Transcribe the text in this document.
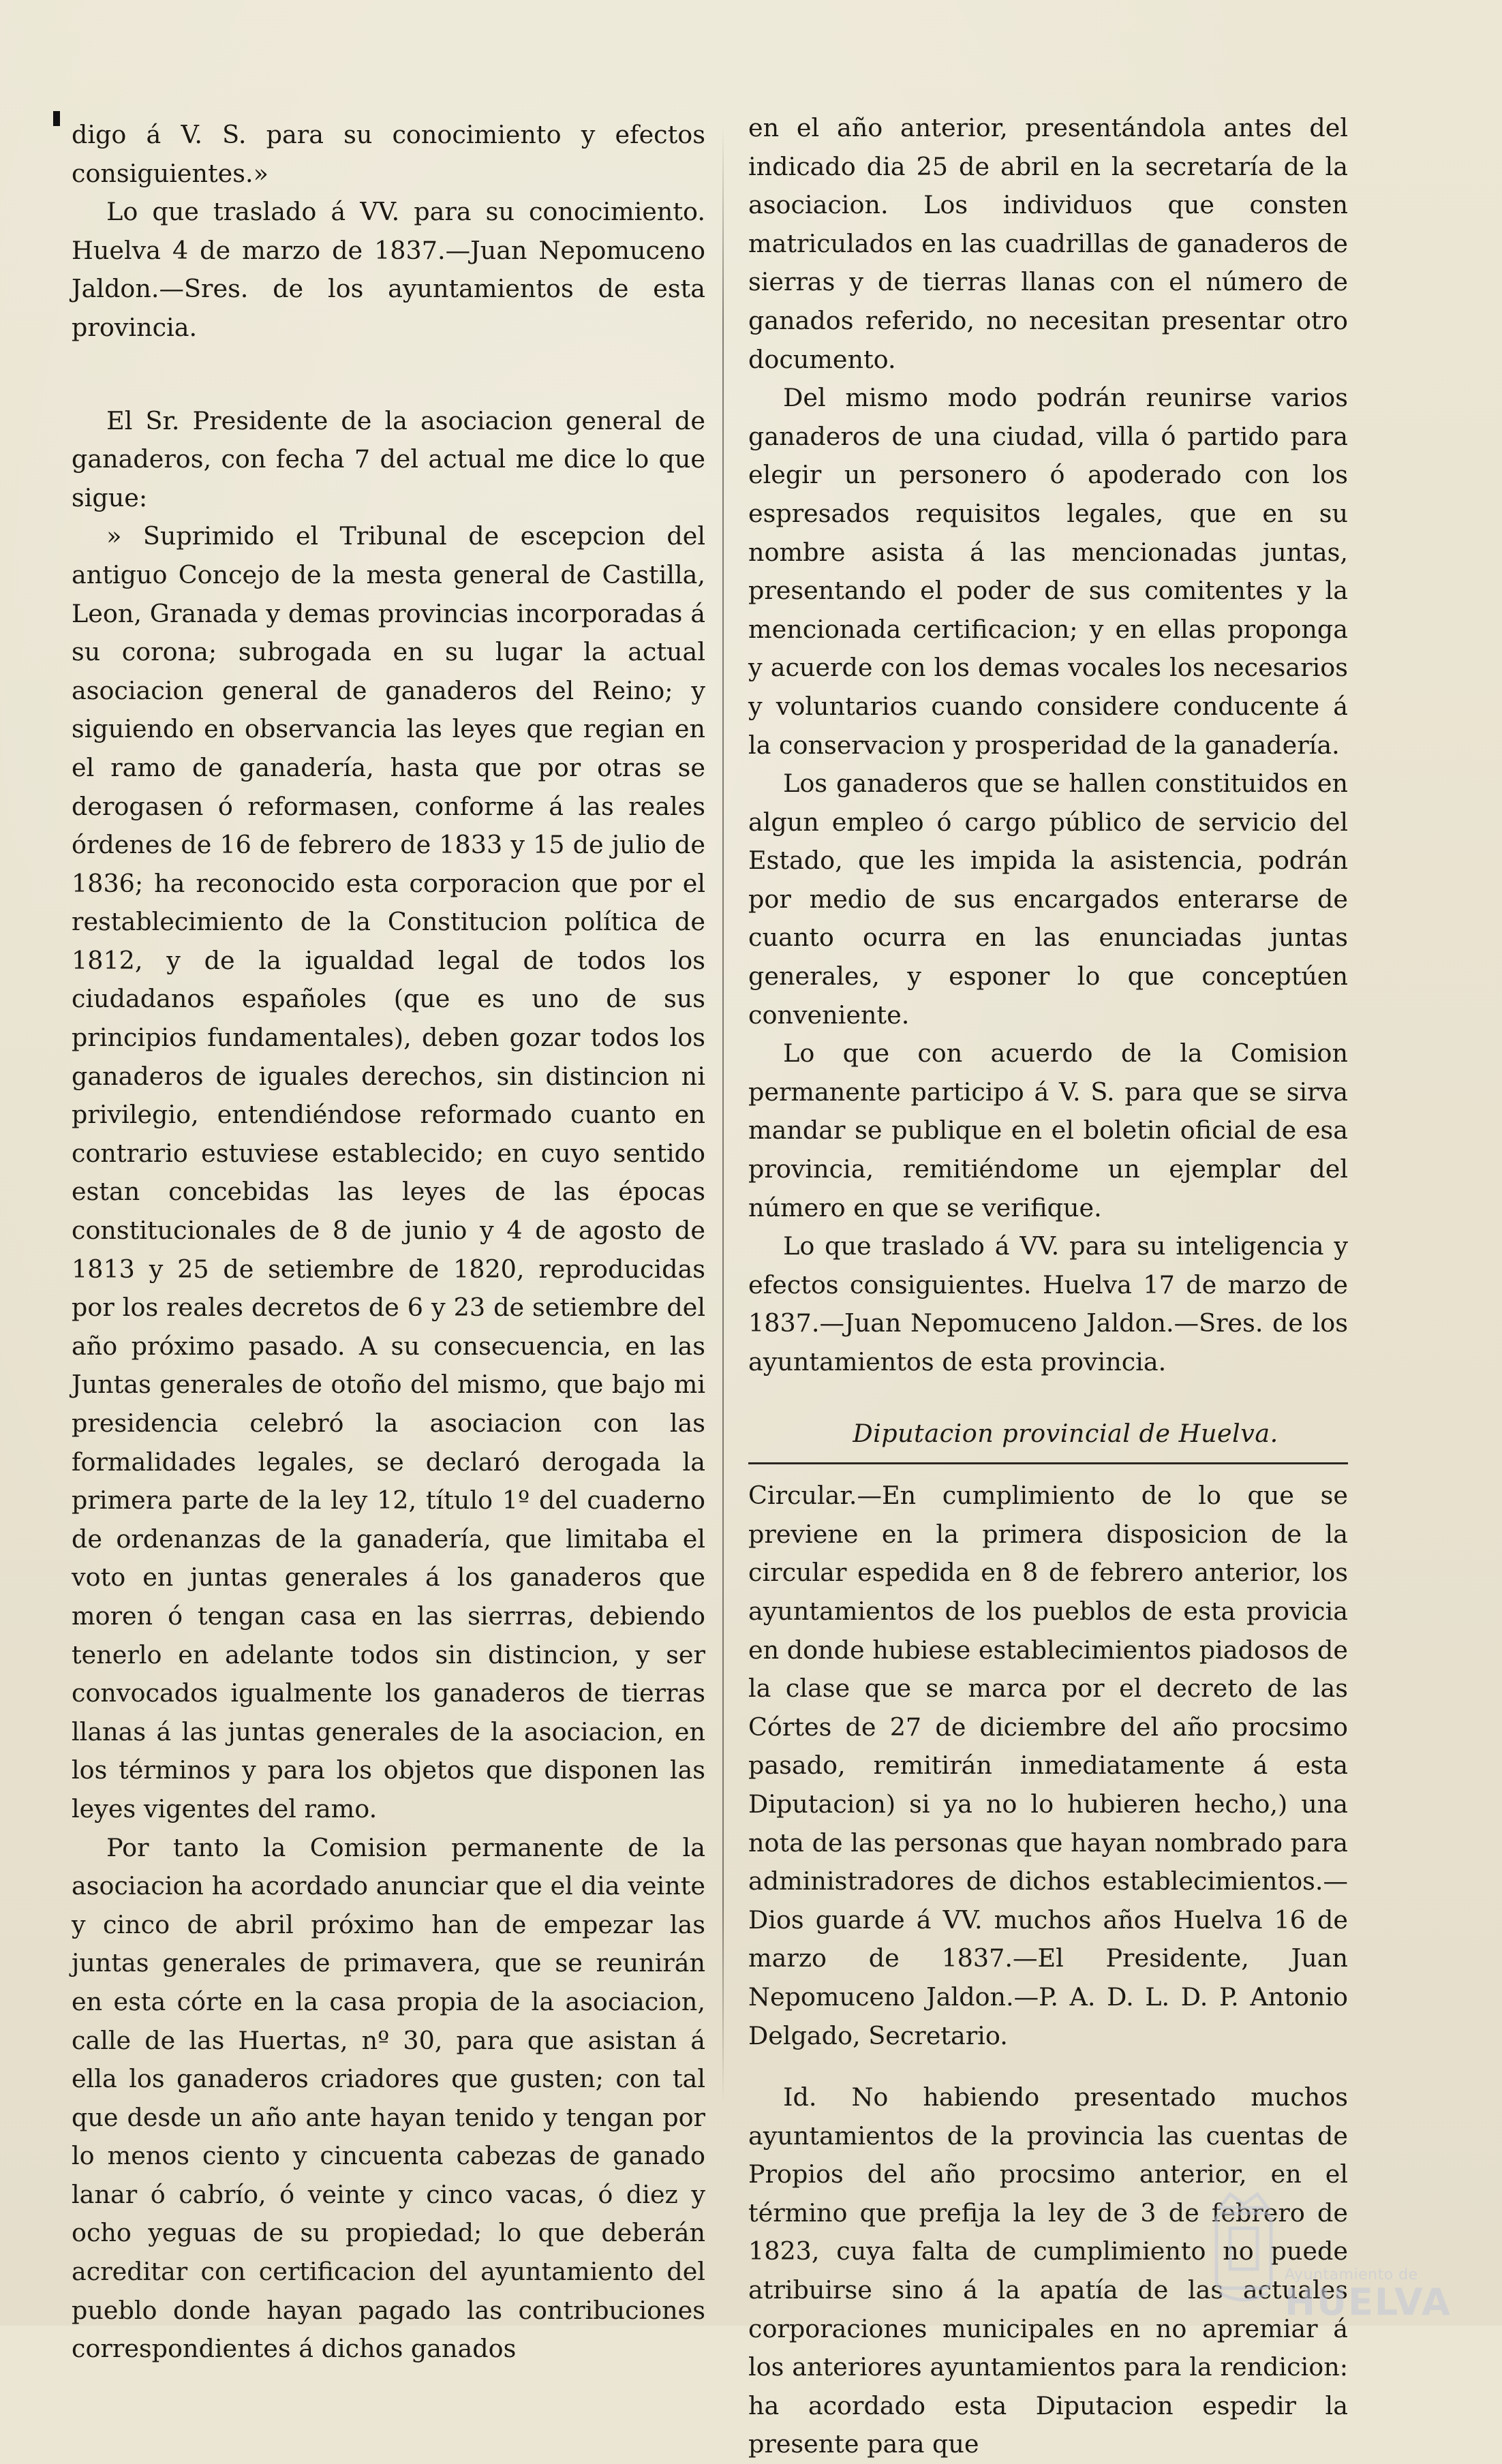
digo á V. S. para su conocimiento y efectos consiguientes.»

Lo que traslado á VV. para su conocimiento. Huelva 4 de marzo de 1837.—Juan Nepomuceno Jaldon.—Sres. de los ayuntamientos de esta provincia.

El Sr. Presidente de la asociacion general de ganaderos, con fecha 7 del actual me dice lo que sigue:

» Suprimido el Tribunal de escepcion del antiguo Concejo de la mesta general de Castilla, Leon, Granada y demas provincias incorporadas á su corona; subrogada en su lugar la actual asociacion general de ganaderos del Reino; y siguiendo en observancia las leyes que regian en el ramo de ganadería, hasta que por otras se derogasen ó reformasen, conforme á las reales órdenes de 16 de febrero de 1833 y 15 de julio de 1836; ha reconocido esta corporacion que por el restablecimiento de la Constitucion política de 1812, y de la igualdad legal de todos los ciudadanos españoles (que es uno de sus principios fundamentales), deben gozar todos los ganaderos de iguales derechos, sin distincion ni privilegio, entendiéndose reformado cuanto en contrario estuviese establecido; en cuyo sentido estan concebidas las leyes de las épocas constitucionales de 8 de junio y 4 de agosto de 1813 y 25 de setiembre de 1820, reproducidas por los reales decretos de 6 y 23 de setiembre del año próximo pasado. A su consecuencia, en las Juntas generales de otoño del mismo, que bajo mi presidencia celebró la asociacion con las formalidades legales, se declaró derogada la primera parte de la ley 12, título 1º del cuaderno de ordenanzas de la ganadería, que limitaba el voto en juntas generales á los ganaderos que moren ó tengan casa en las sierrras, debiendo tenerlo en adelante todos sin distincion, y ser convocados igualmente los ganaderos de tierras llanas á las juntas generales de la asociacion, en los términos y para los objetos que disponen las leyes vigentes del ramo.

Por tanto la Comision permanente de la asociacion ha acordado anunciar que el dia veinte y cinco de abril próximo han de empezar las juntas generales de primavera, que se reunirán en esta córte en la casa propia de la asociacion, calle de las Huertas, nº 30, para que asistan á ella los ganaderos criadores que gusten; con tal que desde un año ante hayan tenido y tengan por lo menos ciento y cincuenta cabezas de ganado lanar ó cabrío, ó veinte y cinco vacas, ó diez y ocho yeguas de su propiedad; lo que deberán acreditar con certificacion del ayuntamiento del pueblo donde hayan pagado las contribuciones correspondientes á dichos ganados

en el año anterior, presentándola antes del indicado dia 25 de abril en la secretaría de la asociacion. Los individuos que consten matriculados en las cuadrillas de ganaderos de sierras y de tierras llanas con el número de ganados referido, no necesitan presentar otro documento.

Del mismo modo podrán reunirse varios ganaderos de una ciudad, villa ó partido para elegir un personero ó apoderado con los espresados requisitos legales, que en su nombre asista á las mencionadas juntas, presentando el poder de sus comitentes y la mencionada certificacion; y en ellas proponga y acuerde con los demas vocales los necesarios y voluntarios cuando considere conducente á la conservacion y prosperidad de la ganadería.

Los ganaderos que se hallen constituidos en algun empleo ó cargo público de servicio del Estado, que les impida la asistencia, podrán por medio de sus encargados enterarse de cuanto ocurra en las enunciadas juntas generales, y esponer lo que conceptúen conveniente.

Lo que con acuerdo de la Comision permanente participo á V. S. para que se sirva mandar se publique en el boletin oficial de esa provincia, remitiéndome un ejemplar del número en que se verifique.

Lo que traslado á VV. para su inteligencia y efectos consiguientes. Huelva 17 de marzo de 1837.—Juan Nepomuceno Jaldon.—Sres. de los ayuntamientos de esta provincia.

Diputacion provincial de Huelva.

Circular.—En cumplimiento de lo que se previene en la primera disposicion de la circular espedida en 8 de febrero anterior, los ayuntamientos de los pueblos de esta provicia en donde hubiese establecimientos piadosos de la clase que se marca por el decreto de las Córtes de 27 de diciembre del año procsimo pasado, remitirán inmediatamente á esta Diputacion) si ya no lo hubieren hecho,) una nota de las personas que hayan nombrado para administradores de dichos establecimientos.—Dios guarde á VV. muchos años Huelva 16 de marzo de 1837.—El Presidente, Juan Nepomuceno Jaldon.—P. A. D. L. D. P. Antonio Delgado, Secretario.

Id. No habiendo presentado muchos ayuntamientos de la provincia las cuentas de Propios del año procsimo anterior, en el término que prefija la ley de 3 de febrero de 1823, cuya falta de cumplimiento no puede atribuirse sino á la apatía de las actuales corporaciones municipales en no apremiar á los anteriores ayuntamientos para la rendicion: ha acordado esta Diputacion espedir la presente para que

Ayuntamiento de
HUELVA
